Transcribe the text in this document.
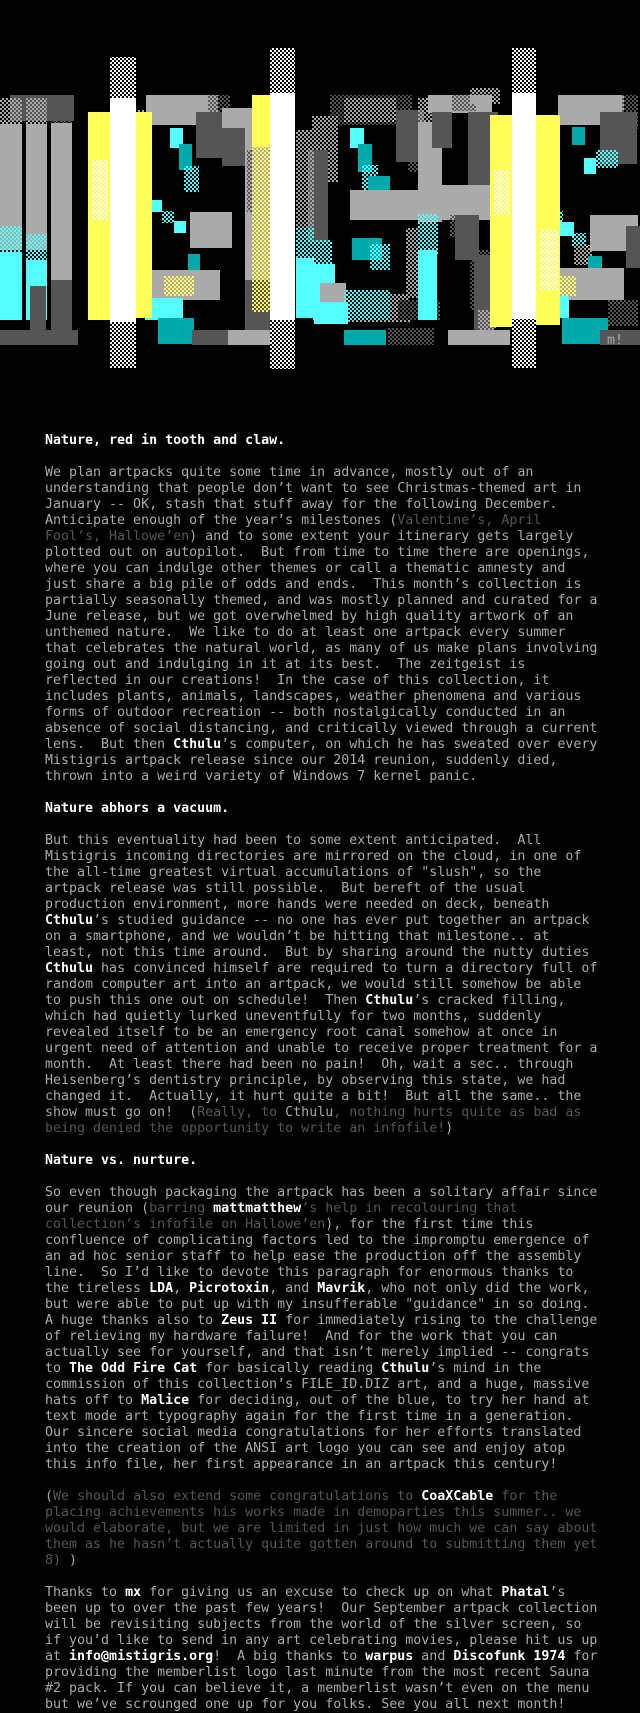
m!
Nature, red in tooth and claw.

We plan artpacks quite some time in advance, mostly out of an
understanding that people don’t want to see Christmas-themed art in
January -- OK, stash that stuff away for the following December.
Anticipate enough of the year’s milestones (Valentine’s, April
Fool’s, Hallowe’en) and to some extent your itinerary gets largely
plotted out on autopilot.  But from time to time there are openings,
where you can indulge other themes or call a thematic amnesty and
just share a big pile of odds and ends.  This month’s collection is
partially seasonally themed, and was mostly planned and curated for a
June release, but we got overwhelmed by high quality artwork of an
unthemed nature.  We like to do at least one artpack every summer
that celebrates the natural world, as many of us make plans involving
going out and indulging in it at its best.  The zeitgeist is
reflected in our creations!  In the case of this collection, it
includes plants, animals, landscapes, weather phenomena and various
forms of outdoor recreation -- both nostalgically conducted in an
absence of social distancing, and critically viewed through a current
lens.  But then Cthulu’s computer, on which he has sweated over every
Mistigris artpack release since our 2014 reunion, suddenly died,
thrown into a weird variety of Windows 7 kernel panic.

Nature abhors a vacuum.

But this eventuality had been to some extent anticipated.  All
Mistigris incoming directories are mirrored on the cloud, in one of
the all-time greatest virtual accumulations of "slush", so the
artpack release was still possible.  But bereft of the usual
production environment, more hands were needed on deck, beneath
Cthulu’s studied guidance -- no one has ever put together an artpack
on a smartphone, and we wouldn’t be hitting that milestone.. at
least, not this time around.  But by sharing around the nutty duties
Cthulu has convinced himself are required to turn a directory full of
random computer art into an artpack, we would still somehow be able
to push this one out on schedule!  Then Cthulu’s cracked filling,
which had quietly lurked uneventfully for two months, suddenly
revealed itself to be an emergency root canal somehow at once in
urgent need of attention and unable to receive proper treatment for a
month.  At least there had been no pain!  Oh, wait a sec.. through
Heisenberg’s dentistry principle, by observing this state, we had
changed it.  Actually, it hurt quite a bit!  But all the same.. the
show must go on!  (Really, to Cthulu, nothing hurts quite as bad as
being denied the opportunity to write an infofile!)

Nature vs. nurture.

So even though packaging the artpack has been a solitary affair since
our reunion (barring mattmatthew’s help in recolouring that
collection’s infofile on Hallowe’en), for the first time this
confluence of complicating factors led to the impromptu emergence of
an ad hoc senior staff to help ease the production off the assembly
line.  So I’d like to devote this paragraph for enormous thanks to
the tireless LDA, Picrotoxin, and Mavrik, who not only did the work,
but were able to put up with my insufferable "guidance" in so doing.
A huge thanks also to Zeus II for immediately rising to the challenge
of relieving my hardware failure!  And for the work that you can
actually see for yourself, and that isn’t merely implied -- congrats
to The Odd Fire Cat for basically reading Cthulu’s mind in the
commission of this collection’s FILE_ID.DIZ art, and a huge, massive
hats off to Malice for deciding, out of the blue, to try her hand at
text mode art typography again for the first time in a generation.
Our sincere social media congratulations for her efforts translated
into the creation of the ANSI art logo you can see and enjoy atop
this info file, her first appearance in an artpack this century!

(We should also extend some congratulations to CoaXCable for the
placing achievements his works made in demoparties this summer.. we
would elaborate, but we are limited in just how much we can say about
them as he hasn’t actually quite gotten around to submitting them yet
8) )

Thanks to mx for giving us an excuse to check up on what Phatal’s
been up to over the past few years!  Our September artpack collection
will be revisiting subjects from the world of the silver screen, so
if you’d like to send in any art celebrating movies, please hit us up
at info@mistigris.org!  A big thanks to warpus and Discofunk 1974 for
providing the memberlist logo last minute from the most recent Sauna
#2 pack. If you can believe it, a memberlist wasn’t even on the menu
but we’ve scrounged one up for you folks. See you all next month!
